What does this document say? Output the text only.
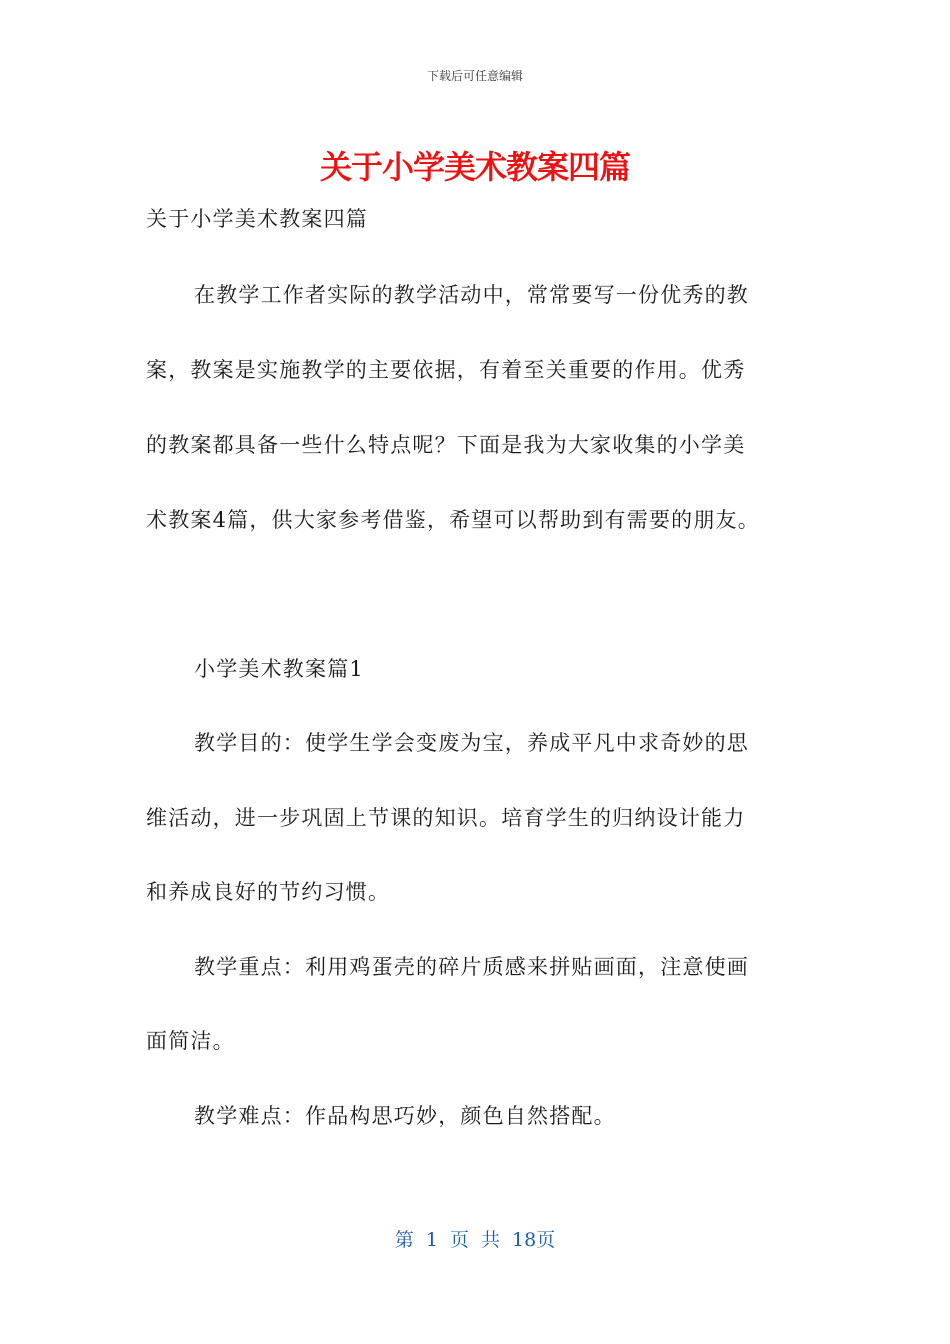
下载后可任意编辑
关于小学美术教案四篇
关于小学美术教案四篇
在教学工作者实际的教学活动中，常常要写一份优秀的教
案，教案是实施教学的主要依据，有着至关重要的作用。优秀
的教案都具备一些什么特点呢？下面是我为大家收集的小学美
术教案4篇，供大家参考借鉴，希望可以帮助到有需要的朋友。
小学美术教案篇1
教学目的：使学生学会变废为宝，养成平凡中求奇妙的思
维活动，进一步巩固上节课的知识。培育学生的归纳设计能力
和养成良好的节约习惯。
教学重点：利用鸡蛋壳的碎片质感来拼贴画面，注意使画
面简洁。
教学难点：作品构思巧妙，颜色自然搭配。
第 1 页 共 18页
